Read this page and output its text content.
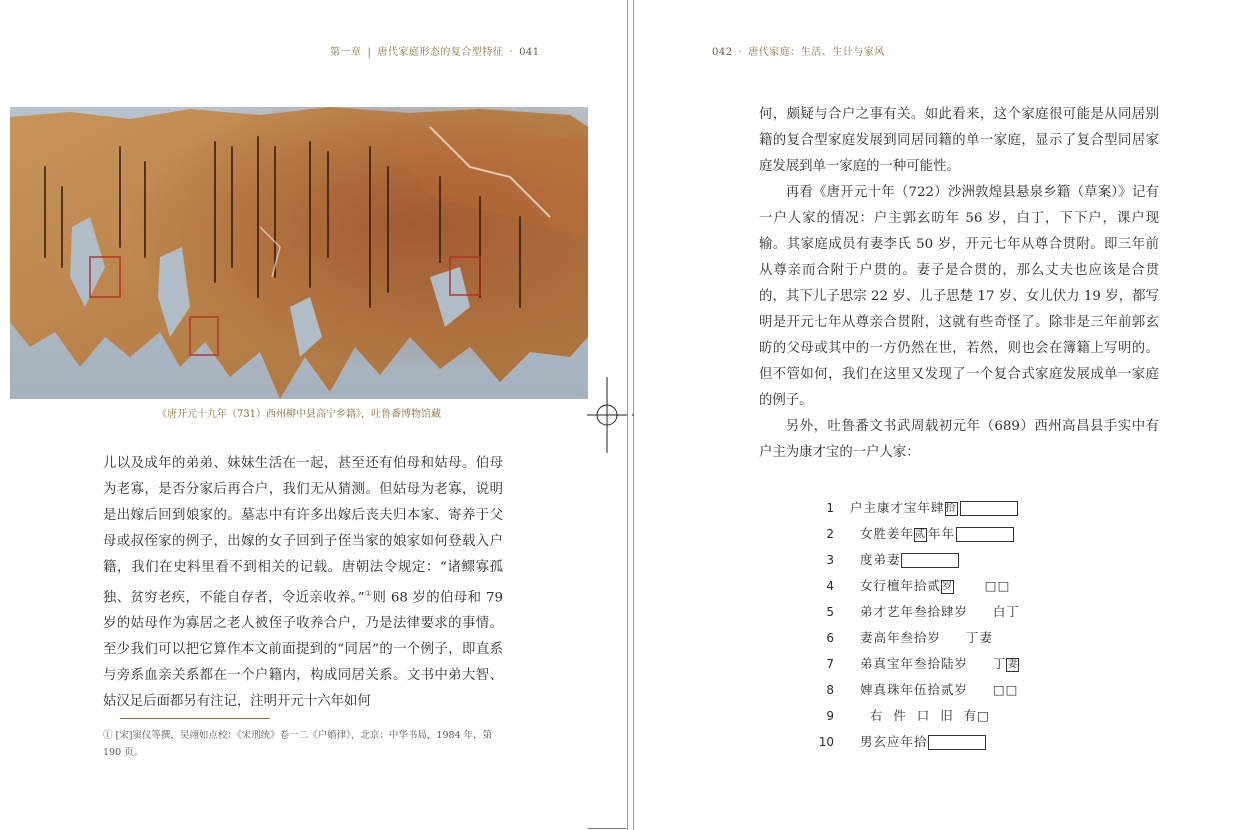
第一章 | 唐代家庭形态的复合型特征 · 041
《唐开元十九年（731）西州柳中县高宁乡籍》，吐鲁番博物馆藏

儿以及成年的弟弟、妹妹生活在一起，甚至还有伯母和姑母。伯母为老寡，是否分家后再合户，我们无从猜测。但姑母为老寡，说明是出嫁后回到娘家的。墓志中有许多出嫁后丧夫归本家、寄养于父母或叔侄家的例子，出嫁的女子回到子侄当家的娘家如何登载入户籍，我们在史料里看不到相关的记载。唐朝法令规定：“诸鳏寡孤独、贫穷老疾，不能自存者，令近亲收养。”①则 68 岁的伯母和 79 岁的姑母作为寡居之老人被侄子收养合户，乃是法律要求的事情。至少我们可以把它算作本文前面提到的“同居”的一个例子，即直系与旁系血亲关系都在一个户籍内，构成同居关系。文书中弟大智、姑汉足后面都另有注记，注明开元十六年如何

① [宋]窦仪等撰，吴翊如点校：《宋刑统》卷一二《户婚律》，北京：中华书局，1984 年，第 190 页。
042 · 唐代家庭：生活、生计与家风

何，颇疑与合户之事有关。如此看来，这个家庭很可能是从同居别籍的复合型家庭发展到同居同籍的单一家庭，显示了复合型同居家庭发展到单一家庭的一种可能性。

再看《唐开元十年（722）沙洲敦煌县悬泉乡籍（草案）》记有一户人家的情况：户主郭玄昉年 56 岁，白丁，下下户，课户现输。其家庭成员有妻李氏 50 岁，开元七年从尊合贯附。即三年前从尊亲而合附于户贯的。妻子是合贯的，那么丈夫也应该是合贯的，其下儿子思宗 22 岁、儿子思楚 17 岁、女儿伏力 19 岁，都写明是开元七年从尊亲合贯附，这就有些奇怪了。除非是三年前郭玄昉的父母或其中的一方仍然在世，若然，则也会在簿籍上写明的。但不管如何，我们在这里又发现了一个复合式家庭发展成单一家庭的例子。

另外，吐鲁番文书武周载初元年（689）西州高昌县手实中有户主为康才宝的一户人家：

1 户主康才宝年肆拾
2 女胜姜年贰 年年
3 度弟妻
4 女行檀年拾贰岁      □□
5 弟才艺年叁拾肆岁     白丁
6 妻高年叁拾岁     丁妻
7 弟真宝年叁拾陆岁     丁妻
8 婢真珠年伍拾贰岁     □□
9 右  件  口  旧  有□
10 男玄应年拾
